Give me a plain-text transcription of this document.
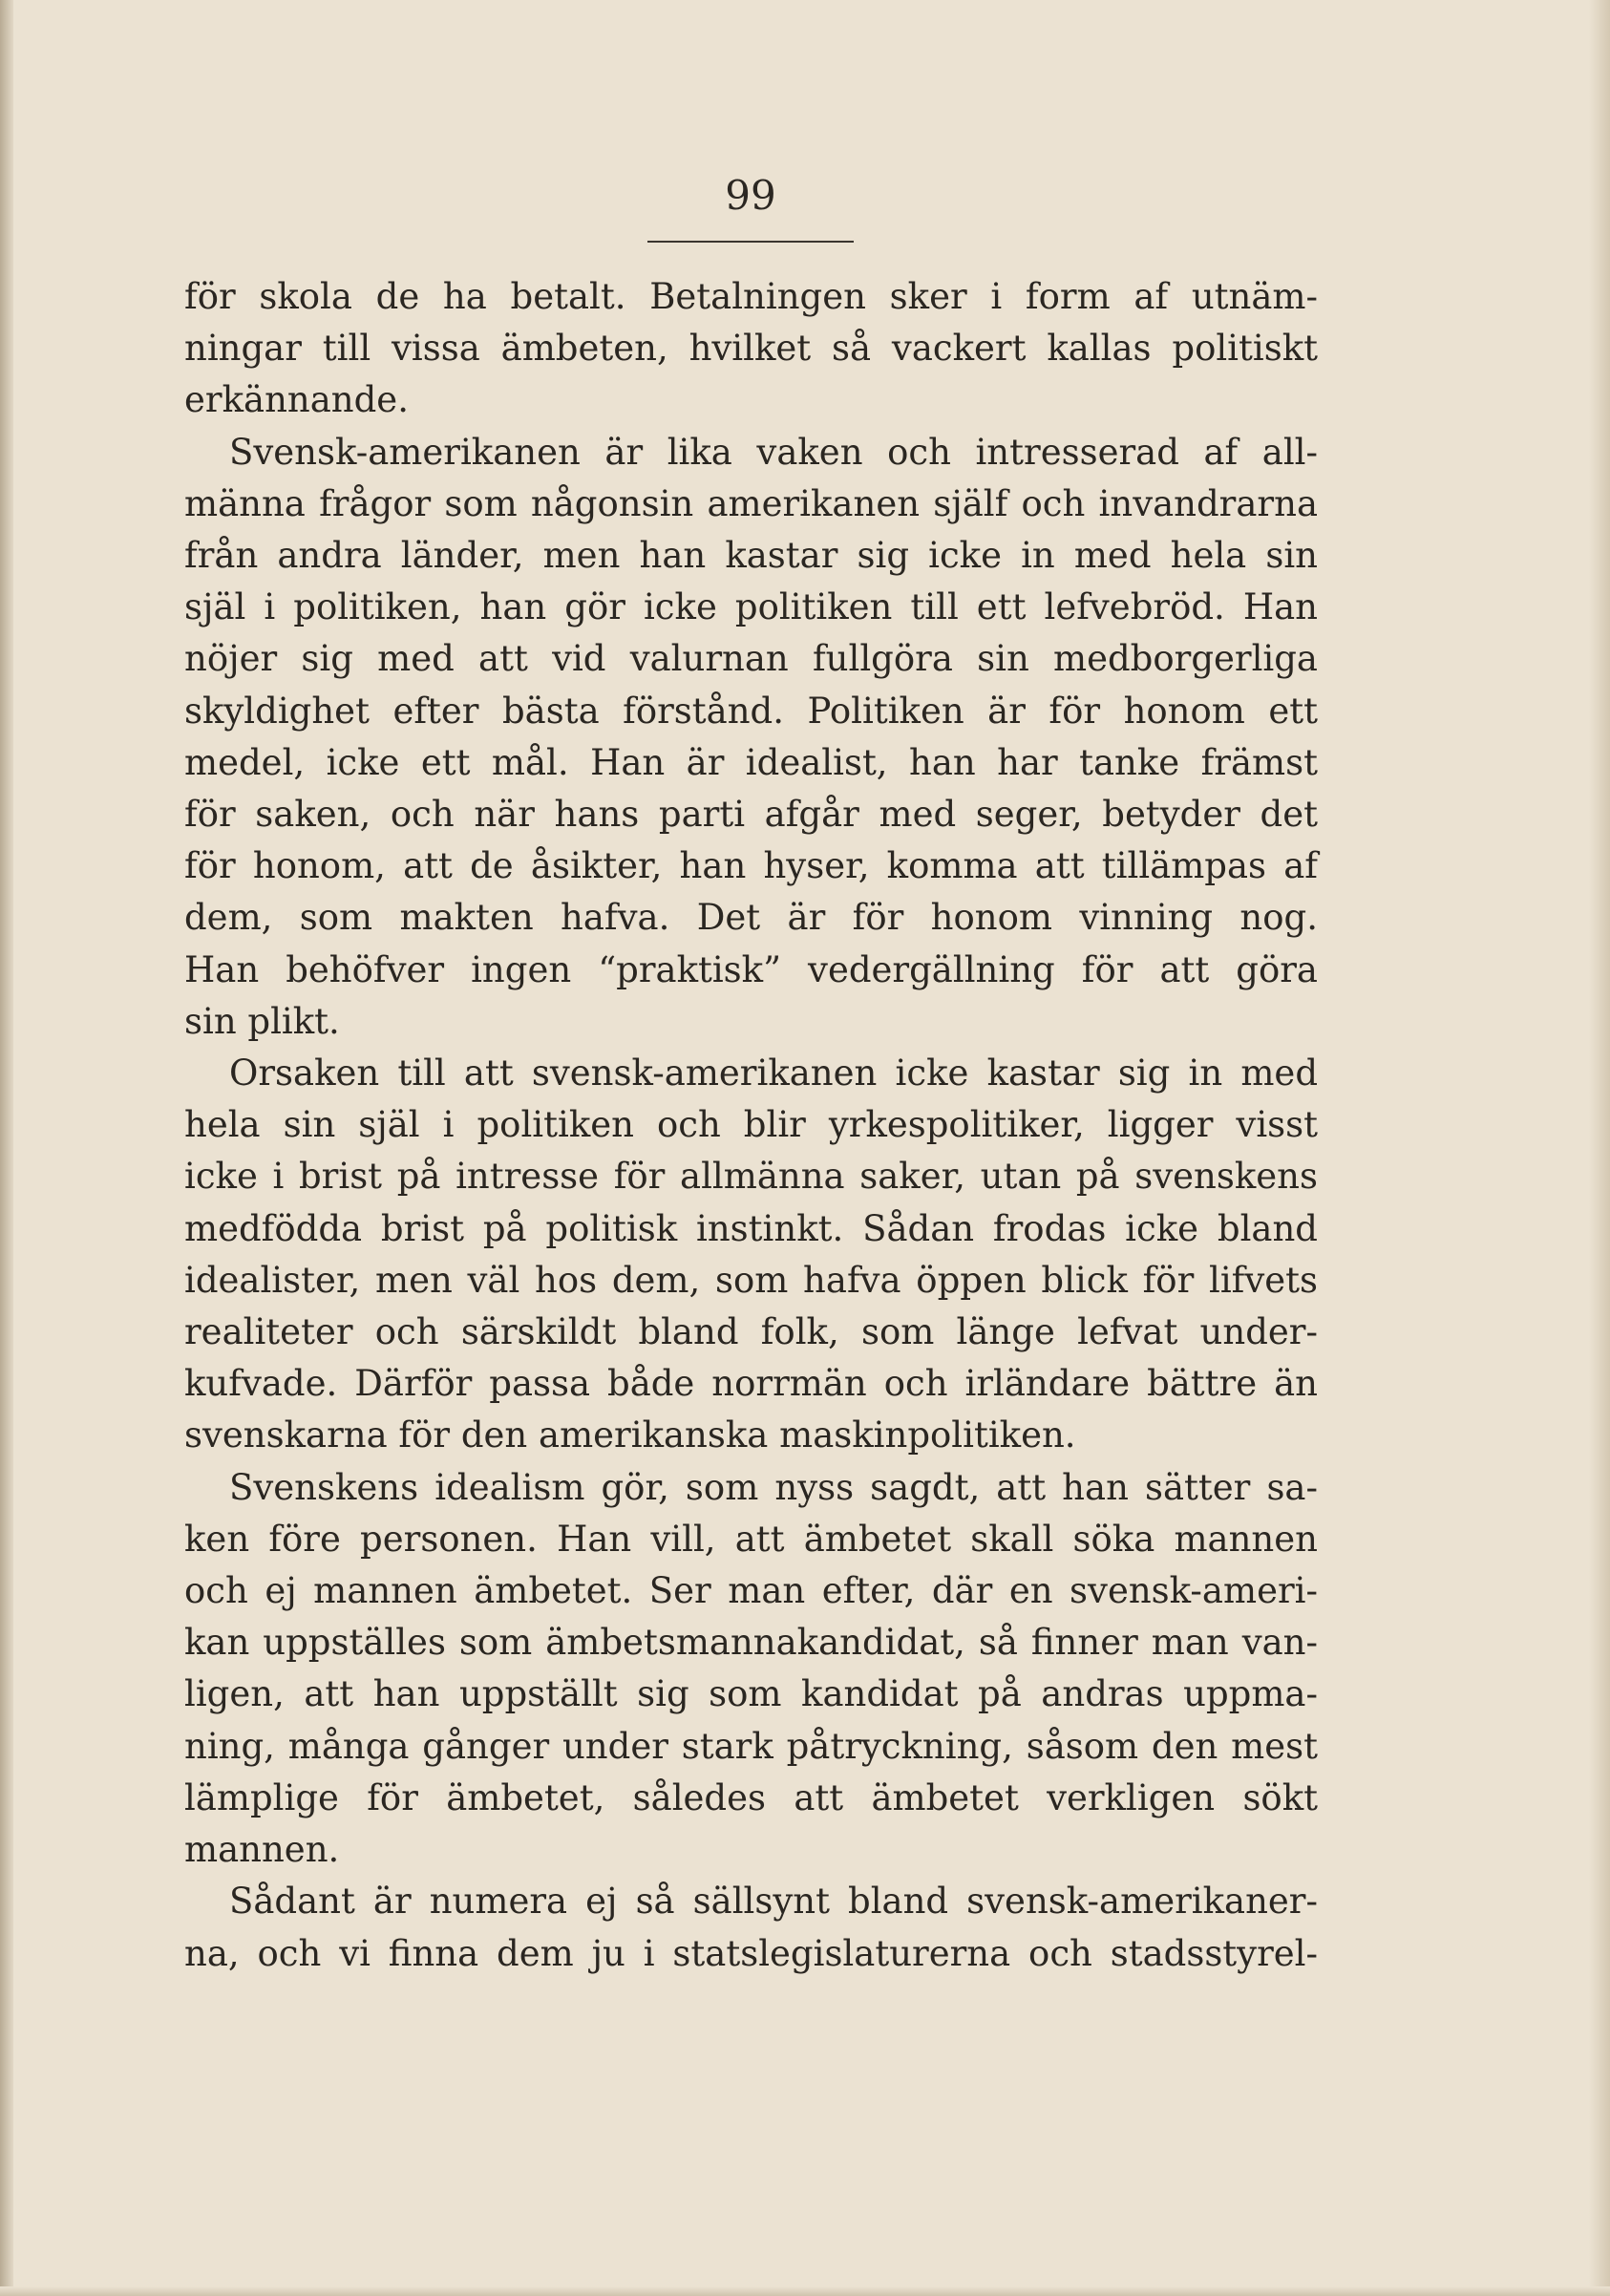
99

för skola de ha betalt. Betalningen sker i form af utnäm-
ningar till vissa ämbeten, hvilket så vackert kallas politiskt
erkännande.

Svensk-amerikanen är lika vaken och intresserad af all-
männa frågor som någonsin amerikanen själf och invandrarna
från andra länder, men han kastar sig icke in med hela sin
själ i politiken, han gör icke politiken till ett lefvebröd. Han
nöjer sig med att vid valurnan fullgöra sin medborgerliga
skyldighet efter bästa förstånd. Politiken är för honom ett
medel, icke ett mål. Han är idealist, han har tanke främst
för saken, och när hans parti afgår med seger, betyder det
för honom, att de åsikter, han hyser, komma att tillämpas af
dem, som makten hafva. Det är för honom vinning nog.
Han behöfver ingen “praktisk” vedergällning för att göra
sin plikt.

Orsaken till att svensk-amerikanen icke kastar sig in med
hela sin själ i politiken och blir yrkespolitiker, ligger visst
icke i brist på intresse för allmänna saker, utan på svenskens
medfödda brist på politisk instinkt. Sådan frodas icke bland
idealister, men väl hos dem, som hafva öppen blick för lifvets
realiteter och särskildt bland folk, som länge lefvat under-
kufvade. Därför passa både norrmän och irländare bättre än
svenskarna för den amerikanska maskinpolitiken.

Svenskens idealism gör, som nyss sagdt, att han sätter sa-
ken före personen. Han vill, att ämbetet skall söka mannen
och ej mannen ämbetet. Ser man efter, där en svensk-ameri-
kan uppställes som ämbetsmannakandidat, så finner man van-
ligen, att han uppställt sig som kandidat på andras uppma-
ning, många gånger under stark påtryckning, såsom den mest
lämplige för ämbetet, således att ämbetet verkligen sökt
mannen.

Sådant är numera ej så sällsynt bland svensk-amerikaner-
na, och vi finna dem ju i statslegislaturerna och stadsstyrel-
